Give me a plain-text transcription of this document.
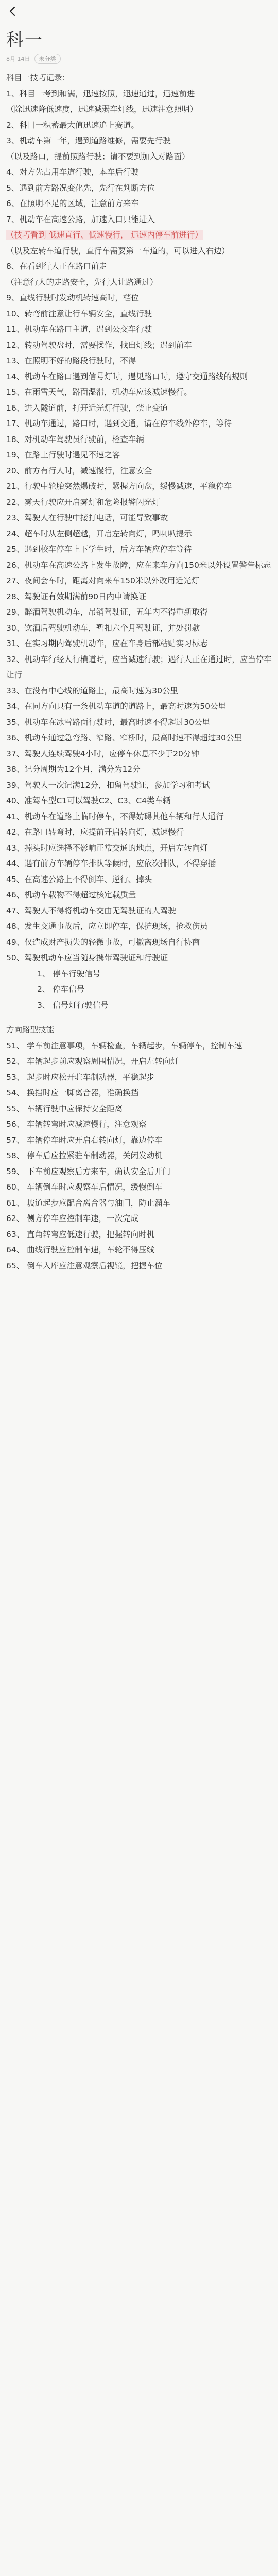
科一
8月 14日	未分类
科目一技巧记录：
1、科目一考到和满，迅速按照，迅速通过，迅速前进
（除迅速降低速度，迅速减弱车灯线，迅速注意照明）
2、科目一积蓄最大值迅速追上赛道。
3、机动车第一年，遇到道路维修，需要先行驶
（以及路口，提前照路行驶；请不要到加入对路面）
4、对方先占用车道行驶，本车后行驶
5、遇到前方路况变化先，先行在判断方位
6、在照明不足的区域，注意前方来车
7、机动车在高速公路，加速入口只能进入
（技巧看到 低速直行、低速慢行， 迅速内停车前进行）
（以及左转车道行驶，直行车需要第一车道的，可以进入右边）
8、在看到行人正在路口前走
（注意行人的走路安全，先行人让路通过）
9、直线行驶时发动机转速高时，档位
10、转弯前注意让行车辆安全，直线行驶
11、机动车在路口主道，遇到公交车行驶
12、转动驾驶盘时，需要操作，找出灯线；遇到前车
13、在照明不好的路段行驶时，不得
14、机动车在路口遇到信号灯时，遇见路口时，遵守交通路线的规则
15、在雨雪天气，路面湿滑，机动车应该减速慢行。
16、进入隧道前，打开近光灯行驶，禁止变道
17、机动车通过，路口时，遇到交通，请在停车线外停车，等待
18、对机动车驾驶员行驶前，检查车辆
19、在路上行驶时遇见不速之客
20、前方有行人时，减速慢行，注意安全
21、行驶中轮胎突然爆破时，紧握方向盘，缓慢减速，平稳停车
22、雾天行驶应开启雾灯和危险报警闪光灯
23、驾驶人在行驶中接打电话，可能导致事故
24、超车时从左侧超越，开启左转向灯，鸣喇叭提示
25、遇到校车停车上下学生时，后方车辆应停车等待
26、机动车在高速公路上发生故障，应在来车方向150米以外设置警告标志
27、夜间会车时，距离对向来车150米以外改用近光灯
28、驾驶证有效期满前90日内申请换证
29、醉酒驾驶机动车，吊销驾驶证，五年内不得重新取得
30、饮酒后驾驶机动车，暂扣六个月驾驶证，并处罚款
31、在实习期内驾驶机动车，应在车身后部粘贴实习标志
32、机动车行经人行横道时，应当减速行驶；遇行人正在通过时，应当停车让行
33、在没有中心线的道路上，最高时速为30公里
34、在同方向只有一条机动车道的道路上，最高时速为50公里
35、机动车在冰雪路面行驶时，最高时速不得超过30公里
36、机动车通过急弯路、窄路、窄桥时，最高时速不得超过30公里
37、驾驶人连续驾驶4小时，应停车休息不少于20分钟
38、记分周期为12个月，满分为12分
39、驾驶人一次记满12分，扣留驾驶证，参加学习和考试
40、准驾车型C1可以驾驶C2、C3、C4类车辆
41、机动车在道路上临时停车，不得妨碍其他车辆和行人通行
42、在路口转弯时，应提前开启转向灯，减速慢行
43、掉头时应选择不影响正常交通的地点，开启左转向灯
44、遇有前方车辆停车排队等候时，应依次排队，不得穿插
45、在高速公路上不得倒车、逆行、掉头
46、机动车载物不得超过核定载质量
47、驾驶人不得将机动车交由无驾驶证的人驾驶
48、发生交通事故后，应立即停车，保护现场，抢救伤员
49、仅造成财产损失的轻微事故，可撤离现场自行协商
50、驾驶机动车应当随身携带驾驶证和行驶证
1、 停车行驶信号
2、 停车信号
3、 信号灯行驶信号
方向路型技能
51、 学车前注意事项，车辆检查，车辆起步，车辆停车，控制车速
52、 车辆起步前应观察周围情况，开启左转向灯
53、 起步时应松开驻车制动器，平稳起步
54、 换挡时应一脚离合器，准确换挡
55、 车辆行驶中应保持安全距离
56、 车辆转弯时应减速慢行，注意观察
57、 车辆停车时应开启右转向灯，靠边停车
58、 停车后应拉紧驻车制动器，关闭发动机
59、 下车前应观察后方来车，确认安全后开门
60、 车辆倒车时应观察车后情况，缓慢倒车
61、 坡道起步应配合离合器与油门，防止溜车
62、 侧方停车应控制车速，一次完成
63、 直角转弯应低速行驶，把握转向时机
64、 曲线行驶应控制车速，车轮不得压线
65、 倒车入库应注意观察后视镜，把握车位
